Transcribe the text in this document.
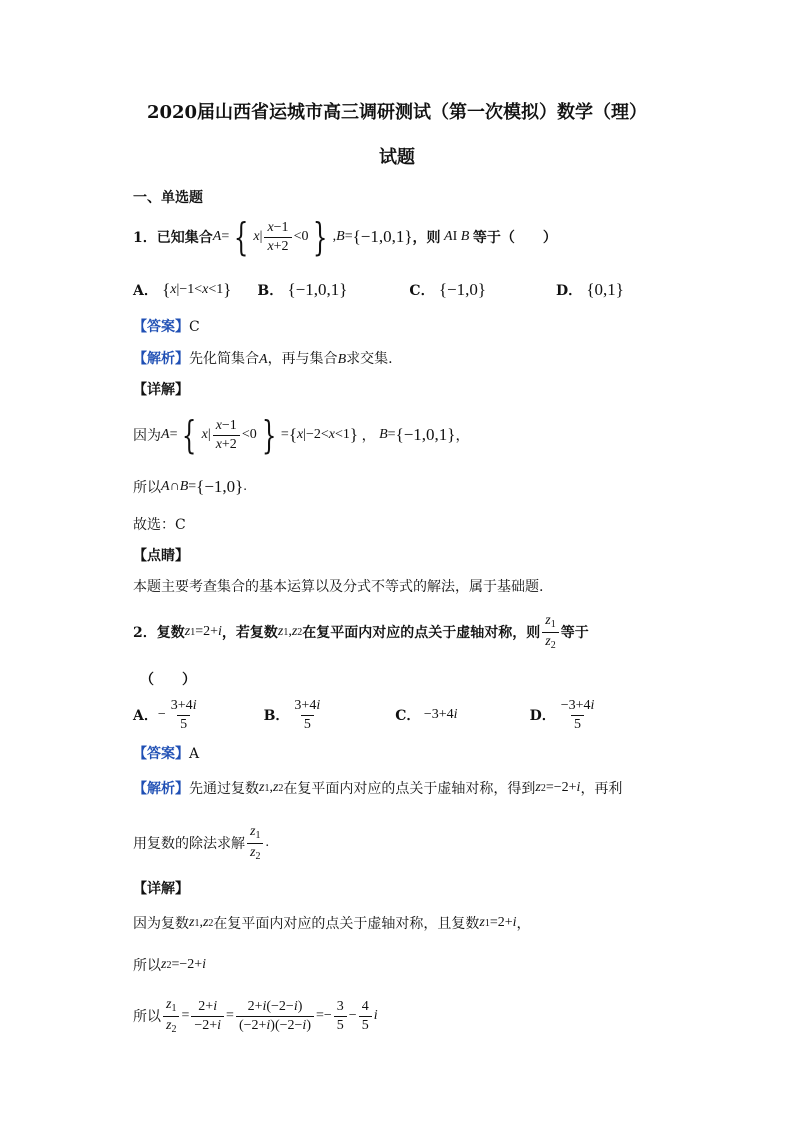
2020届山西省运城市高三调研测试（第一次模拟）数学（理）
试题
一、单选题
1． 已知集合 A = { x | $\frac{x-1}{x+2} <0$ } , B = {−1,0,1} ，则 A I B 等于（　　）
A． { x |−1< x <1 } B． {−1,0,1}	C． {−1,0}	D． {0,1}
【答案】C
【解析】先化简集合A，再与集合B求交集.
【详解】
因为 A = { x | $\frac{x-1}{x+2} <0$ } = { x |−2< x <1 } ， B = {−1,0,1} ，
所以 A ∩ B = {−1,0} .
故选：C
【点睛】
本题主要考查集合的基本运算以及分式不等式的解法，属于基础题.
2． 复数 z 1 =2+ i ，若复数 z 1 , z 2 在复平面内对应的点关于虚轴对称，则 $\frac{z_1}{z_2}$ 等于
（　　）
A． − $\frac{3+4i}{5}$	B． $\frac{3+4i}{5}$	C． −3+4 i	D． $\frac{-3+4i}{5}$
【答案】A
【解析】 先通过复数 z 1 , z 2 在复平面内对应的点关于虚轴对称，得到 z 2 =−2+ i ，再利
用复数的除法求解 $\frac{z_1}{z_2}$ .
【详解】
因为复数 z 1 , z 2 在复平面内对应的点关于虚轴对称，且复数 z 1 =2+ i ，
所以 z 2 =−2+ i
所以 $\frac{z_1}{z_2} = \frac{2+i}{-2+i} = \frac{2+i(-2-i)}{(-2+i)(-2-i)} =- \frac{3}{5} - \frac{4}{5}$ i
